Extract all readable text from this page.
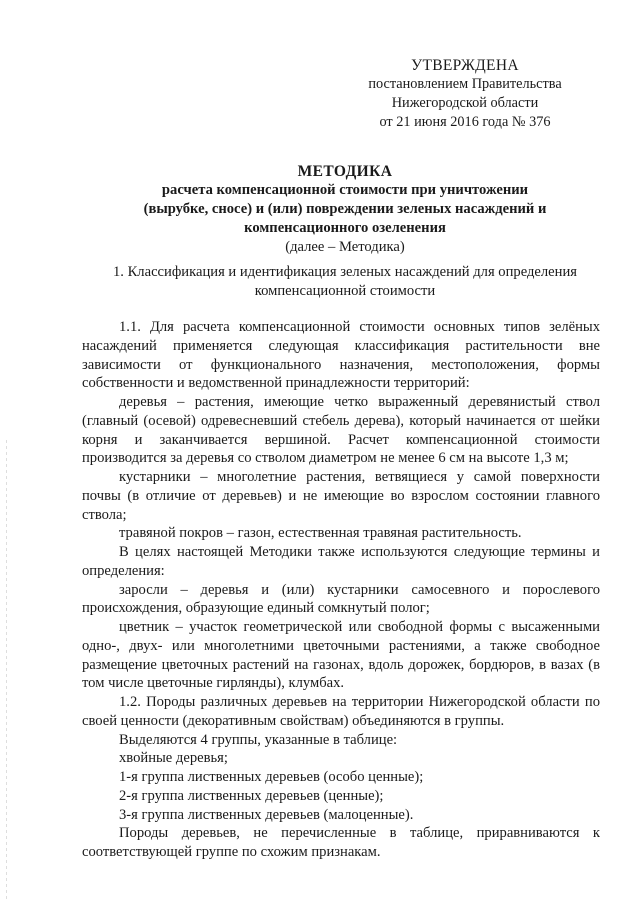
УТВЕРЖДЕНА
постановлением Правительства
Нижегородской области
от 21 июня 2016 года № 376
МЕТОДИКА
расчета компенсационной стоимости при уничтожении
(вырубке, сносе) и (или) повреждении зеленых насаждений и
компенсационного озеленения
(далее – Методика)
1. Классификация и идентификация зеленых насаждений для определения
компенсационной стоимости

1.1. Для расчета компенсационной стоимости основных типов зелёных насаждений применяется следующая классификация растительности вне зависимости от функционального назначения, местоположения, формы собственности и ведомственной принадлежности территорий:

деревья – растения, имеющие четко выраженный деревянистый ствол (главный (осевой) одревесневший стебель дерева), который начинается от шейки корня и заканчивается вершиной. Расчет компенсационной стоимости производится за деревья со стволом диаметром не менее 6 см на высоте 1,3 м;

кустарники – многолетние растения, ветвящиеся у самой поверхности почвы (в отличие от деревьев) и не имеющие во взрослом состоянии главного ствола;

травяной покров – газон, естественная травяная растительность.

В целях настоящей Методики также используются следующие термины и определения:

заросли – деревья и (или) кустарники самосевного и порослевого происхождения, образующие единый сомкнутый полог;

цветник – участок геометрической или свободной формы с высаженными одно-, двух- или многолетними цветочными растениями, а также свободное размещение цветочных растений на газонах, вдоль дорожек, бордюров, в вазах (в том числе цветочные гирлянды), клумбах.

1.2. Породы различных деревьев на территории Нижегородской области по своей ценности (декоративным свойствам) объединяются в группы.

Выделяются 4 группы, указанные в таблице:

хвойные деревья;

1-я группа лиственных деревьев (особо ценные);

2-я группа лиственных деревьев (ценные);

3-я группа лиственных деревьев (малоценные).

Породы деревьев, не перечисленные в таблице, приравниваются к соответствующей группе по схожим признакам.
